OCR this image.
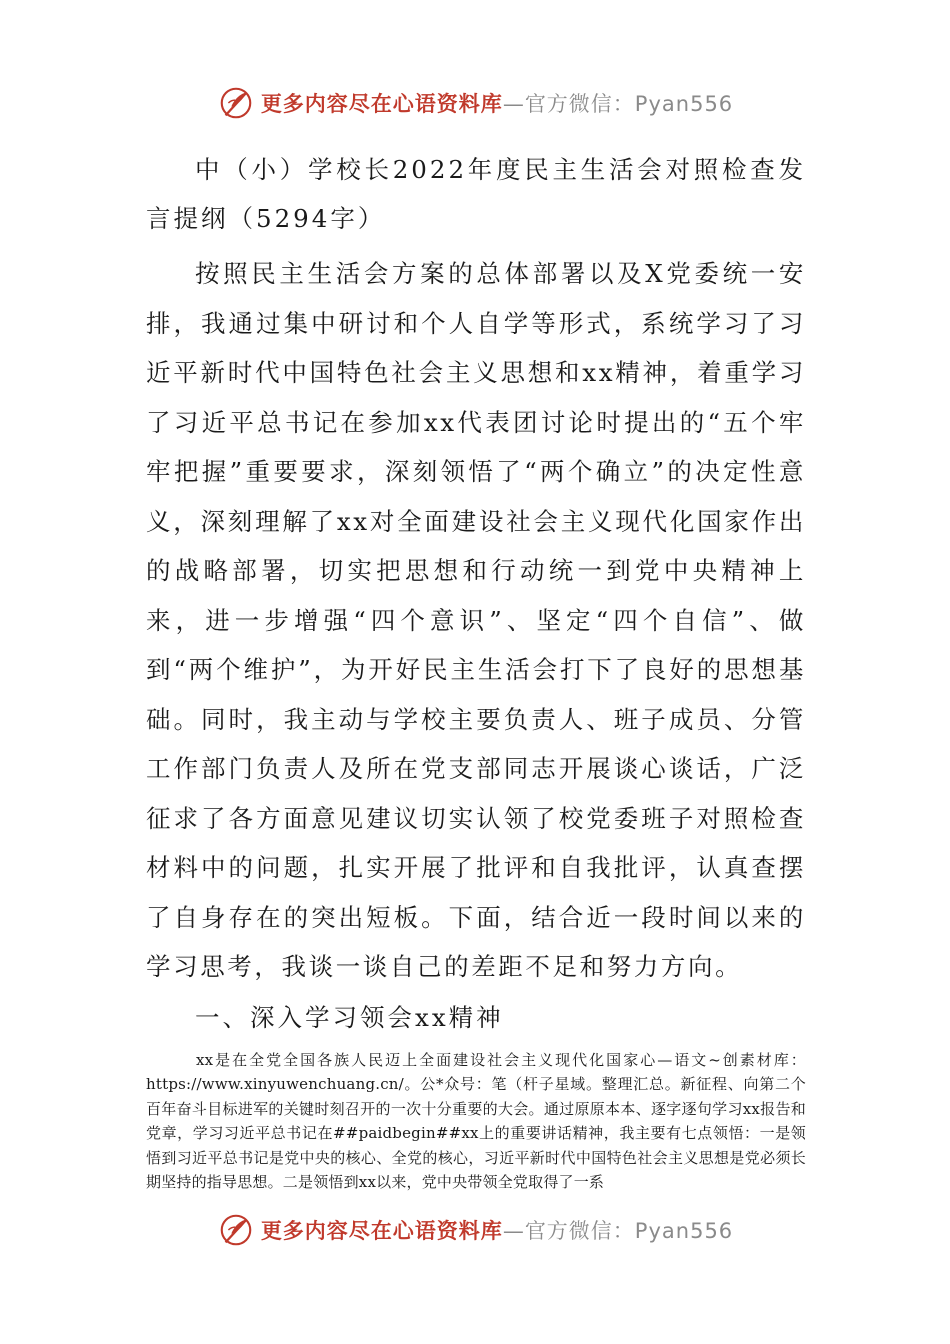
更多内容尽在心语资料库—官方微信：Pyan556

中（小）学校长2022年度民主生活会对照检查发言提纲（5294字）

按照民主生活会方案的总体部署以及X党委统一安排，我通过集中研讨和个人自学等形式，系统学习了习近平新时代中国特色社会主义思想和xx精神，着重学习了习近平总书记在参加xx代表团讨论时提出的“五个牢牢把握”重要要求，深刻领悟了“两个确立”的决定性意义，深刻理解了xx对全面建设社会主义现代化国家作出的战略部署，切实把思想和行动统一到党中央精神上来，进一步增强“四个意识”、坚定“四个自信”、做到“两个维护”，为开好民主生活会打下了良好的思想基础。同时，我主动与学校主要负责人、班子成员、分管工作部门负责人及所在党支部同志开展谈心谈话，广泛征求了各方面意见建议切实认领了校党委班子对照检查材料中的问题，扎实开展了批评和自我批评，认真查摆了自身存在的突出短板。下面，结合近一段时间以来的学习思考，我谈一谈自己的差距不足和努力方向。

一、深入学习领会xx精神

xx是在全党全国各族人民迈上全面建设社会主义现代化国家心—语文~创素材库：https://www.xinyuwenchuang.cn/。公*众号：笔（杆子星域。整理汇总。新征程、向第二个百年奋斗目标进军的关键时刻召开的一次十分重要的大会。通过原原本本、逐字逐句学习xx报告和党章，学习习近平总书记在##paidbegin##xx上的重要讲话精神，我主要有七点领悟：一是领悟到习近平总书记是党中央的核心、全党的核心，习近平新时代中国特色社会主义思想是党必须长期坚持的指导思想。二是领悟到xx以来，党中央带领全党取得了一系

更多内容尽在心语资料库—官方微信：Pyan556
